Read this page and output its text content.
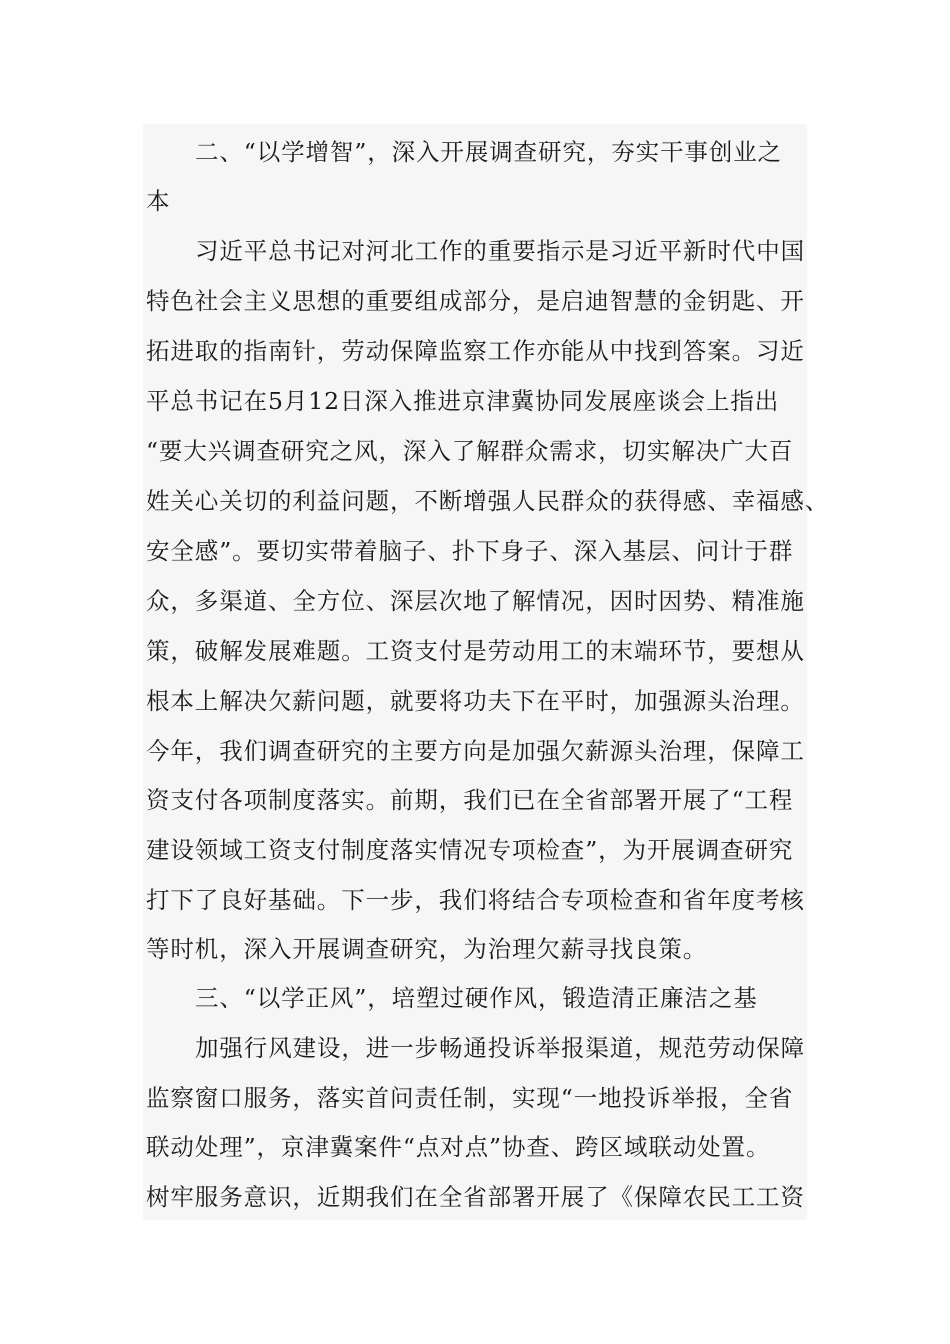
二、“以学增智”，深入开展调查研究，夯实干事创业之
本
习近平总书记对河北工作的重要指示是习近平新时代中国
特色社会主义思想的重要组成部分，是启迪智慧的金钥匙、开
拓进取的指南针，劳动保障监察工作亦能从中找到答案。习近
平总书记在5月12日深入推进京津冀协同发展座谈会上指出
“要大兴调查研究之风，深入了解群众需求，切实解决广大百
姓关心关切的利益问题，不断增强人民群众的获得感、幸福感、
安全感”。要切实带着脑子、扑下身子、深入基层、问计于群
众，多渠道、全方位、深层次地了解情况，因时因势、精准施
策，破解发展难题。工资支付是劳动用工的末端环节，要想从
根本上解决欠薪问题，就要将功夫下在平时，加强源头治理。
今年，我们调查研究的主要方向是加强欠薪源头治理，保障工
资支付各项制度落实。前期，我们已在全省部署开展了“工程
建设领域工资支付制度落实情况专项检查”，为开展调查研究
打下了良好基础。下一步，我们将结合专项检查和省年度考核
等时机，深入开展调查研究，为治理欠薪寻找良策。
三、“以学正风”，培塑过硬作风，锻造清正廉洁之基
加强行风建设，进一步畅通投诉举报渠道，规范劳动保障
监察窗口服务，落实首问责任制，实现“一地投诉举报，全省
联动处理”，京津冀案件“点对点”协查、跨区域联动处置。
树牢服务意识，近期我们在全省部署开展了《保障农民工工资
